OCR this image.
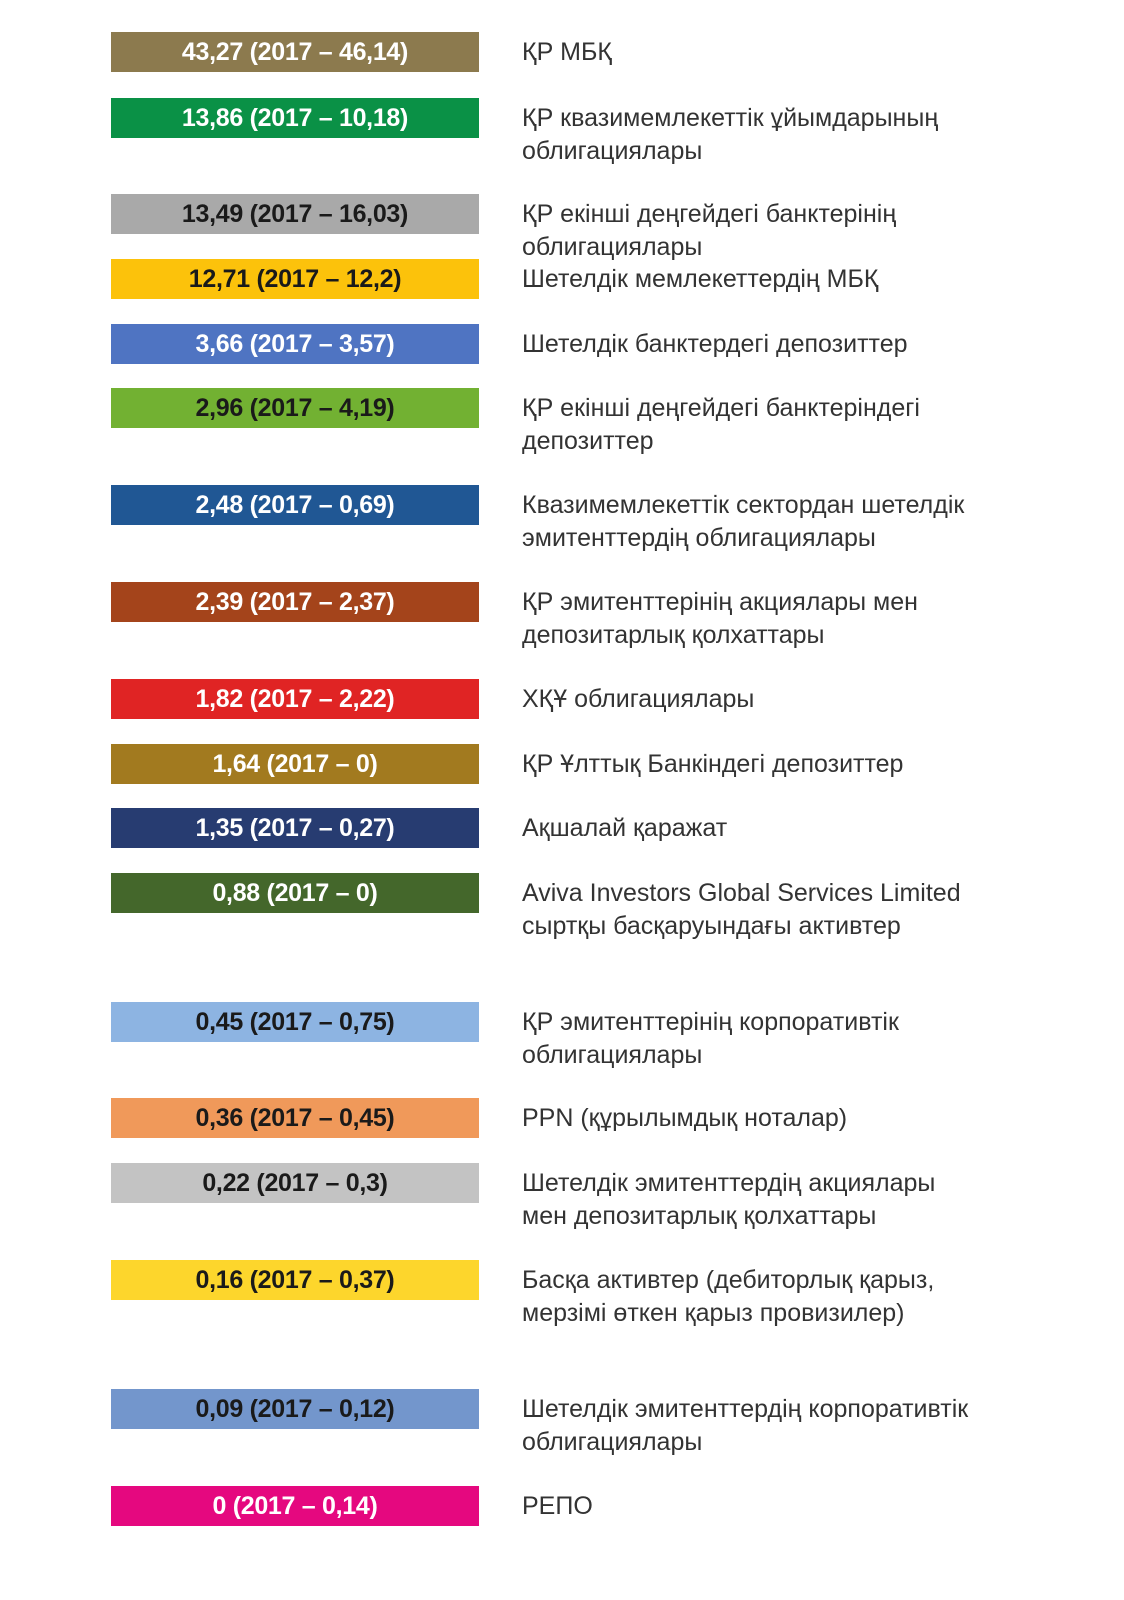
43,27 (2017 – 46,14)	ҚР МБҚ
13,86 (2017 – 10,18)	ҚР квазимемлекеттік ұйымдарының
облигациялары
13,49 (2017 – 16,03)	ҚР екінші деңгейдегі банктерінің
облигациялары
12,71 (2017 – 12,2)	Шетелдік мемлекеттердің МБҚ
3,66 (2017 – 3,57)	Шетелдік банктердегі депозиттер
2,96 (2017 – 4,19)	ҚР екінші деңгейдегі банктеріндегі
депозиттер
2,48 (2017 – 0,69)	Квазимемлекеттік сектордан шетелдік
эмитенттердің облигациялары
2,39 (2017 – 2,37)	ҚР эмитенттерінің акциялары мен
депозитарлық қолхаттары
1,82 (2017 – 2,22)	ХҚҰ облигациялары
1,64 (2017 – 0)	ҚР Ұлттық Банкіндегі депозиттер
1,35 (2017 – 0,27)	Ақшалай қаражат
0,88 (2017 – 0)	Aviva Investors Global Services Limited
сыртқы басқаруындағы активтер
0,45 (2017 – 0,75)	ҚР эмитенттерінің корпоративтік
облигациялары
0,36 (2017 – 0,45)	PPN (құрылымдық ноталар)
0,22 (2017 – 0,3)	Шетелдік эмитенттердің акциялары
мен депозитарлық қолхаттары
0,16 (2017 – 0,37)	Басқа активтер (дебиторлық қарыз,
мерзімі өткен қарыз провизилер)
0,09 (2017 – 0,12)	Шетелдік эмитенттердің корпоративтік
облигациялары
0 (2017 – 0,14)	РЕПО
